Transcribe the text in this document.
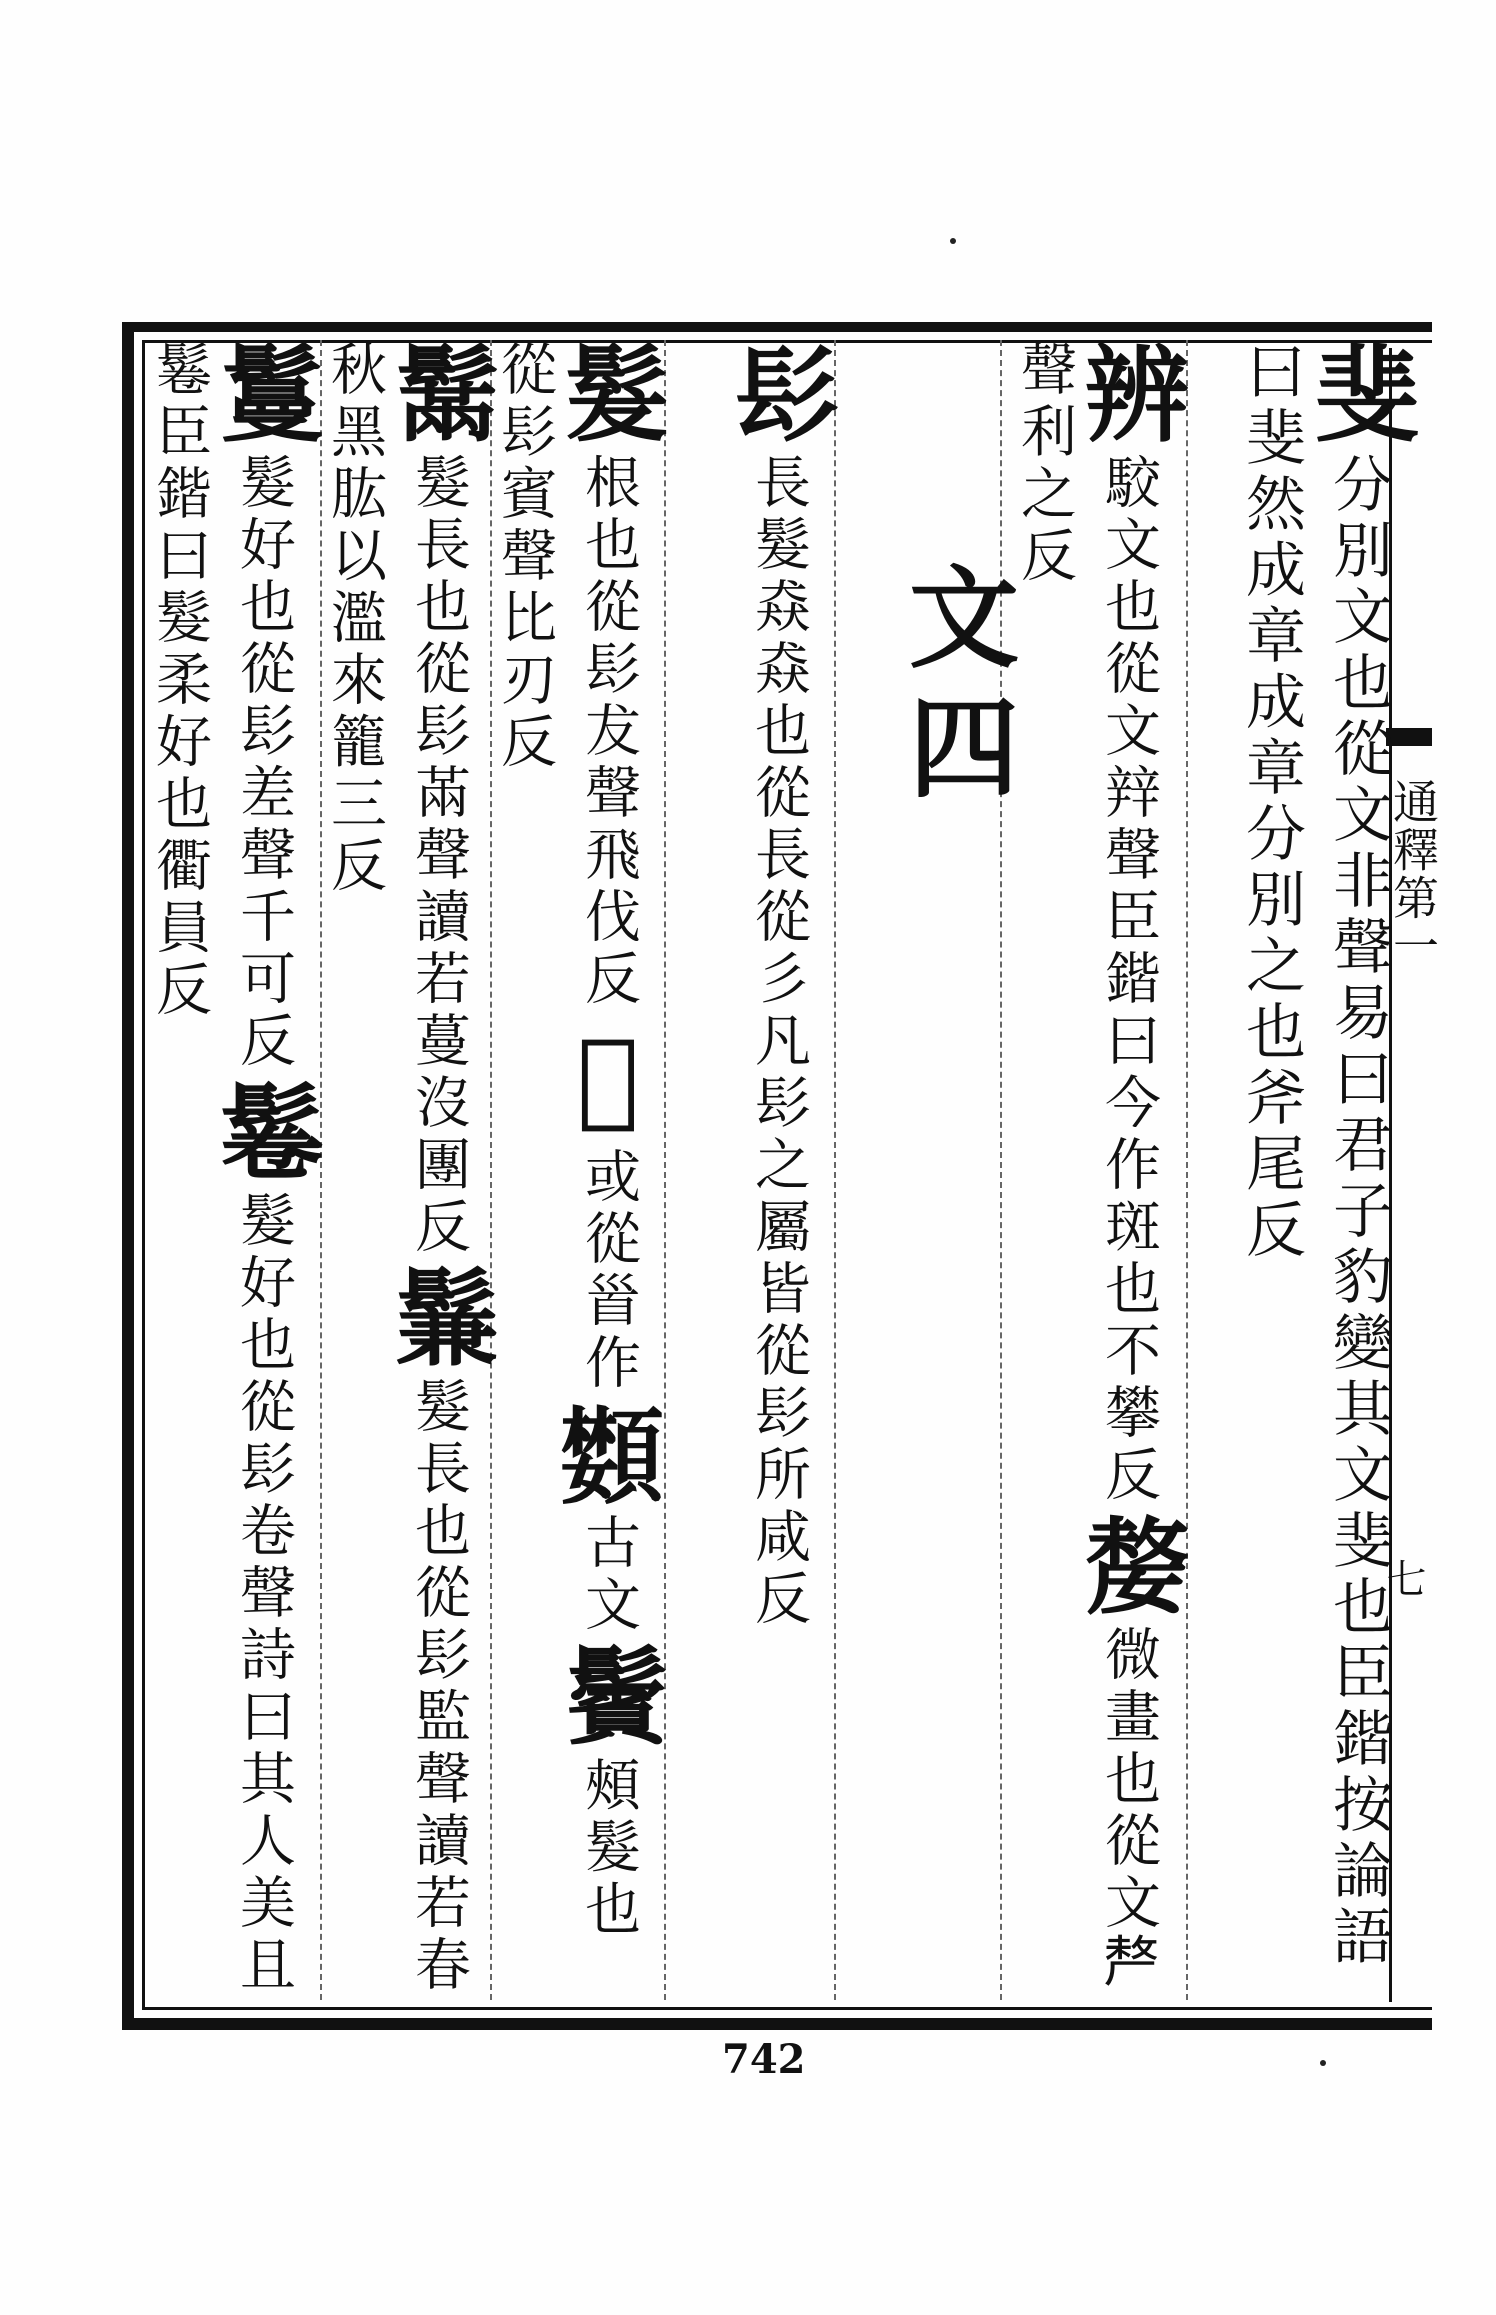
通釋第一
七
斐 分別文也從文非聲易曰君子豹變其文斐也臣鍇按論語曰斐然成章成章分別之也斧尾反
辨 駮文也從文辡聲臣鍇曰今作斑也不攀反 嫠 微畫也從文𠩺聲利之反
文四
髟 長髮猋猋也從長從彡凡髟之屬皆從髟所咸反
髮 根也從髟犮聲飛伐反 𩬊 或從𩠐作 𩔵 古文 鬢 頰髮也從髟賓聲比刃反
鬗 髮長也從髟㒼聲讀若蔓沒團反 鬑 髮長也從髟監聲讀若春秋黑肱以濫來籠三反
鬘 髮好也從髟差聲千可反 鬈 髮好也從髟卷聲詩曰其人美且鬈臣鍇曰髮柔好也衢員反
742
